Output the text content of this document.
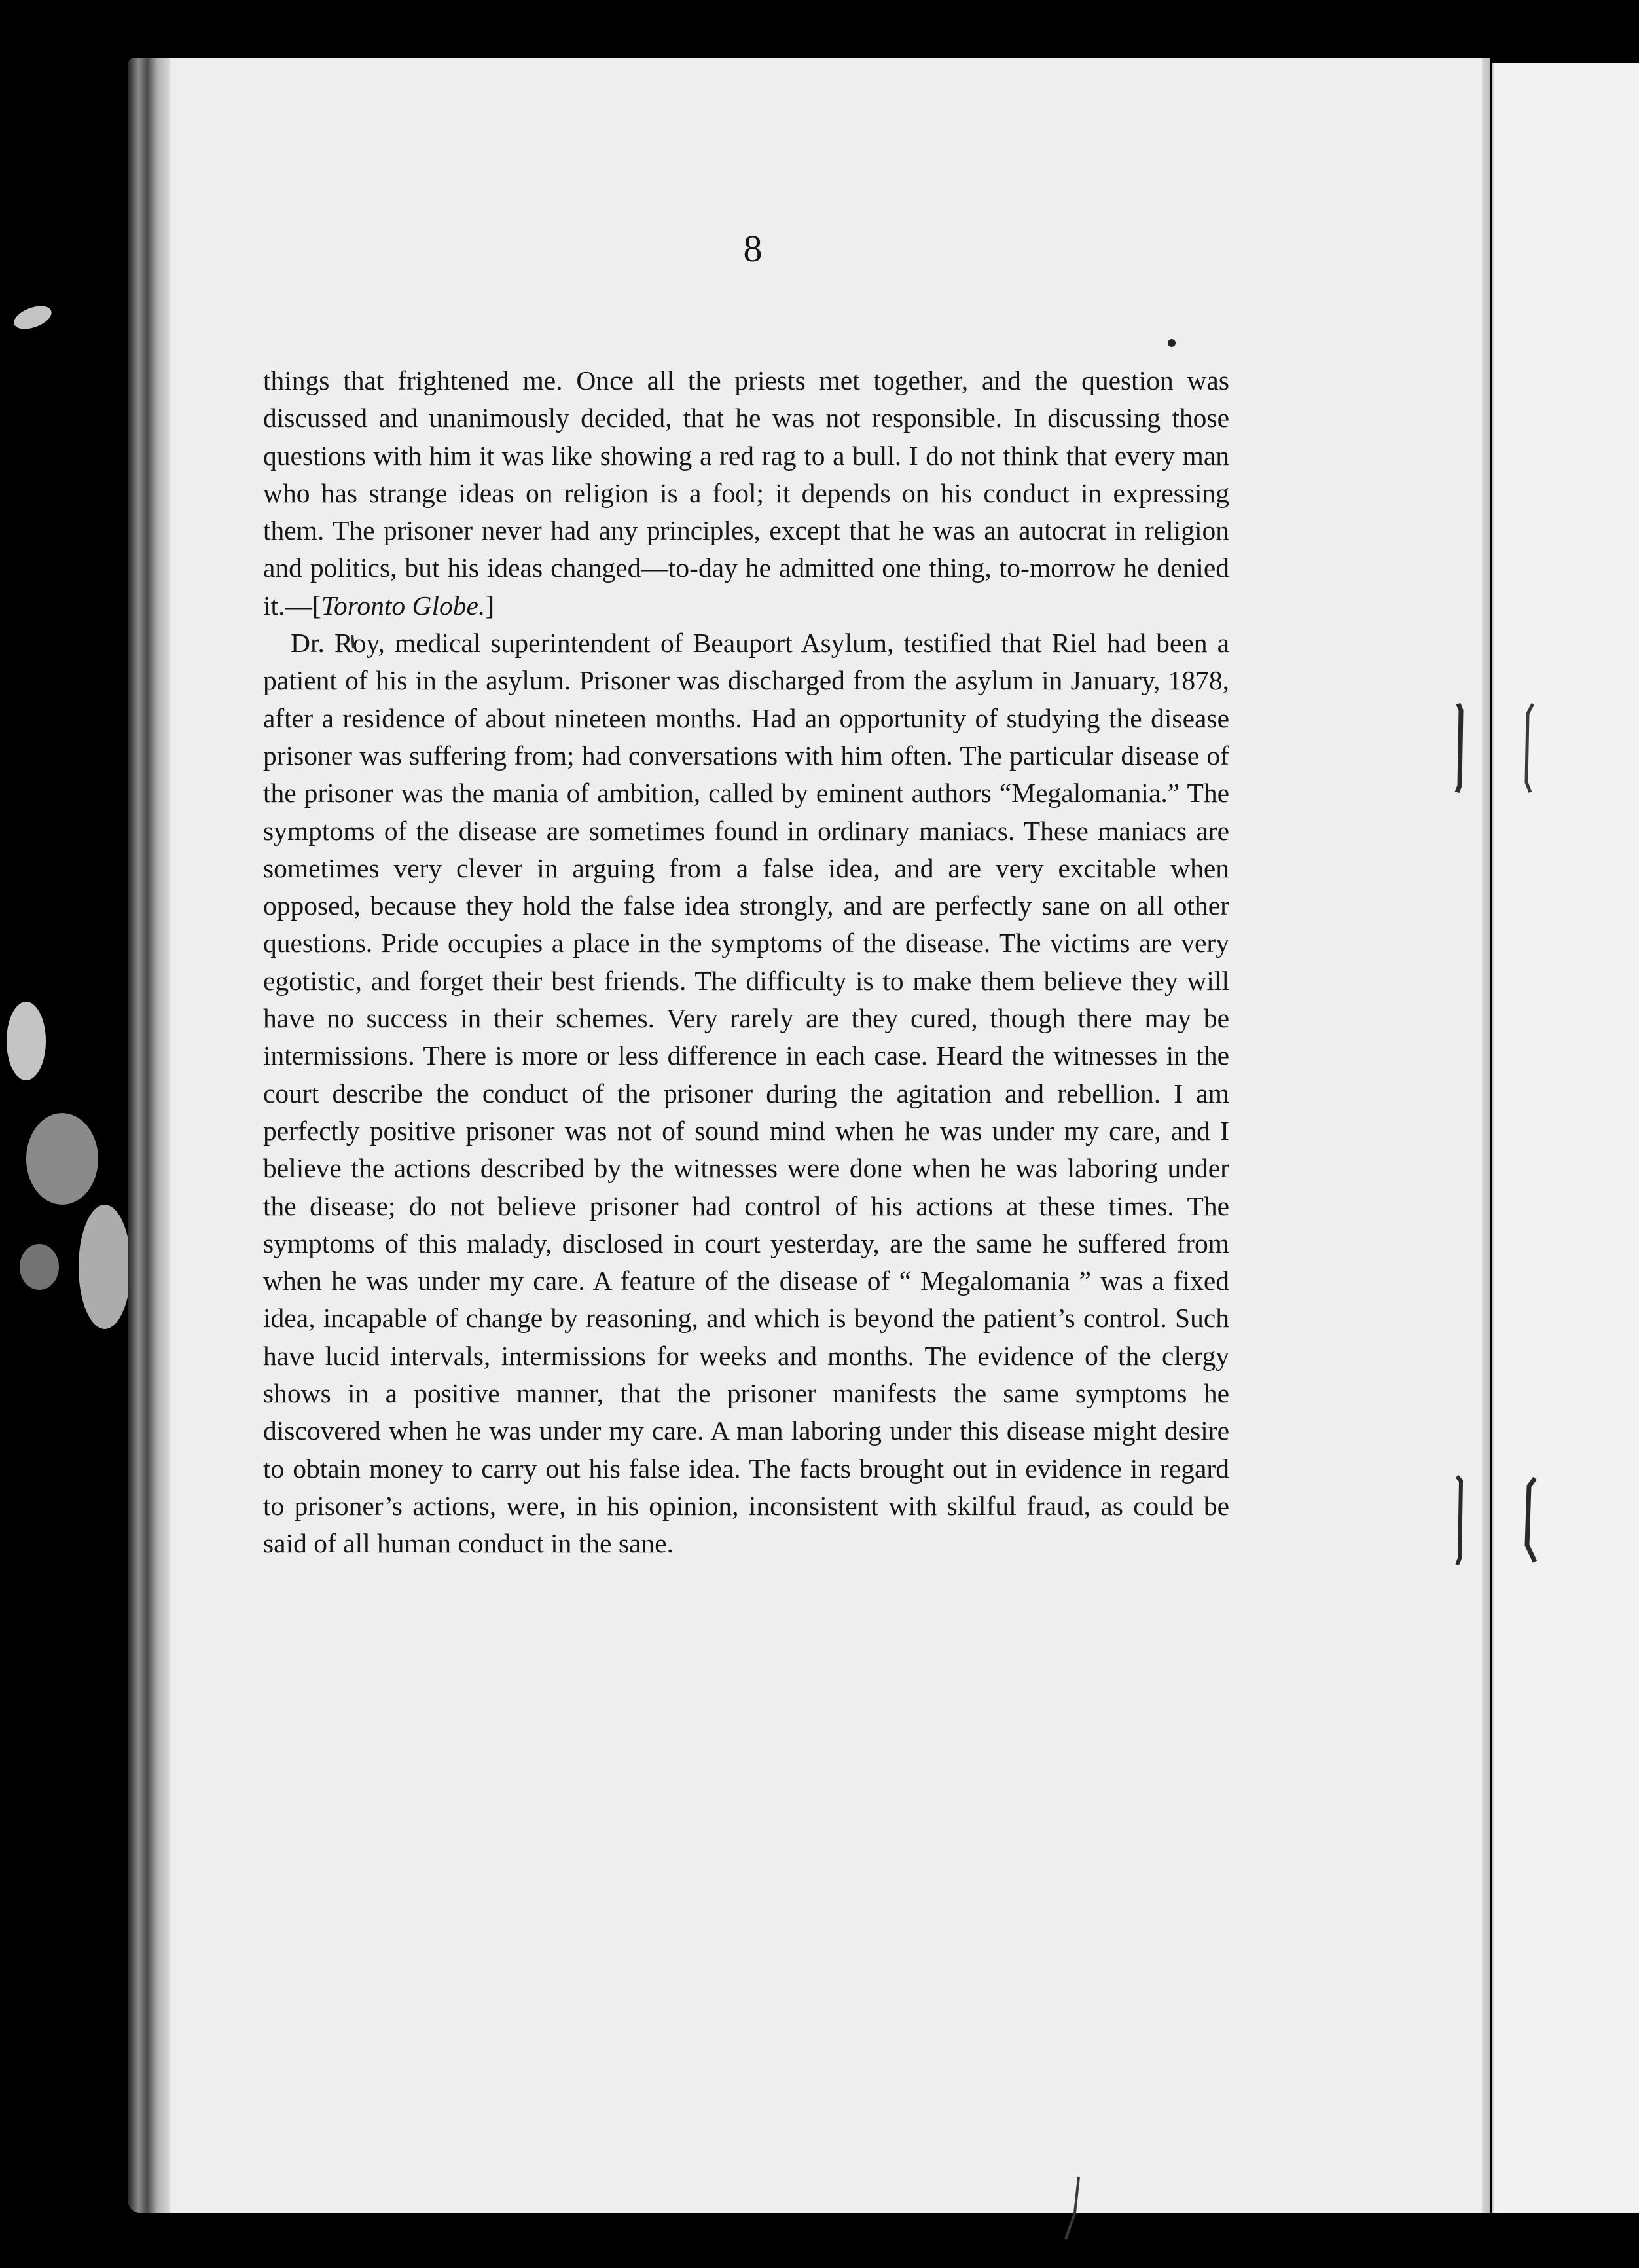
8

things that frightened me. Once all the priests met together, and the question was discussed and unanimously decided, that he was not responsible. In discussing those questions with him it was like showing a red rag to a bull. I do not think that every man who has strange ideas on religion is a fool; it depends on his conduct in expressing them. The prisoner never had any principles, except that he was an autocrat in religion and politics, but his ideas changed—to-day he admitted one thing, to-morrow he denied it.—[Toronto Globe.]

Dr. Roy, medical superintendent of Beauport Asylum, testified that Riel had been a patient of his in the asylum. Prisoner was discharged from the asylum in January, 1878, after a residence of about nineteen months. Had an opportunity of studying the disease prisoner was suffering from; had conversations with him often. The particular disease of the prisoner was the mania of ambition, called by eminent authors “Megalomania.” The symptoms of the disease are sometimes found in ordinary maniacs. These maniacs are sometimes very clever in arguing from a false idea, and are very excitable when opposed, because they hold the false idea strongly, and are perfectly sane on all other questions. Pride occupies a place in the symptoms of the disease. The victims are very egotistic, and forget their best friends. The difficulty is to make them believe they will have no success in their schemes. Very rarely are they cured, though there may be intermissions. There is more or less difference in each case. Heard the witnesses in the court describe the conduct of the prisoner during the agitation and rebellion. I am perfectly positive prisoner was not of sound mind when he was under my care, and I believe the actions described by the witnesses were done when he was laboring under the disease; do not believe prisoner had control of his actions at these times. The symptoms of this malady, disclosed in court yesterday, are the same he suffered from when he was under my care. A feature of the disease of “ Megalomania ” was a fixed idea, incapable of change by reasoning, and which is beyond the patient’s control. Such have lucid intervals, intermissions for weeks and months. The evidence of the clergy shows in a positive manner, that the prisoner manifests the same symptoms he discovered when he was under my care. A man laboring under this disease might desire to obtain money to carry out his false idea. The facts brought out in evidence in regard to prisoner’s actions, were, in his opinion, inconsistent with skilful fraud, as could be said of all human conduct in the sane.
